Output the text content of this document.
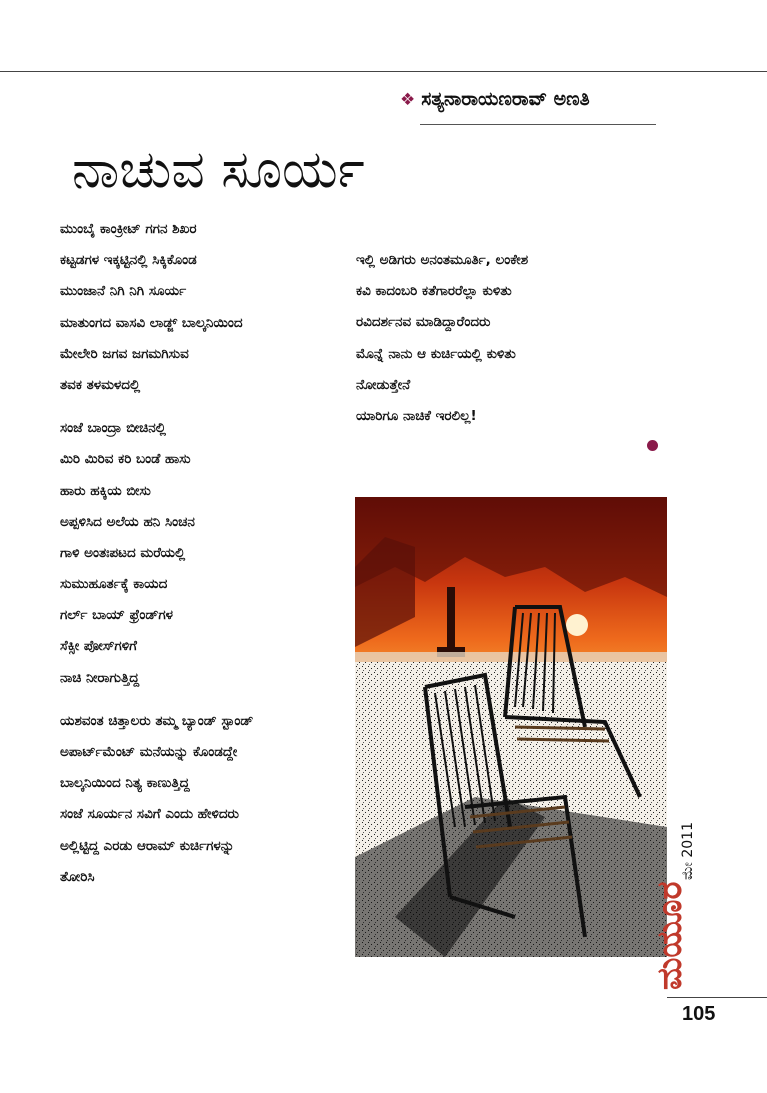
❖ ಸತ್ಯನಾರಾಯಣರಾವ್ ಅಣತಿ
ನಾಚುವ ಸೂರ್ಯ
ಮುಂಬೈ ಕಾಂಕ್ರೀಟ್ ಗಗನ ಶಿಖರ
ಕಟ್ಟಡಗಳ ಇಕ್ಕಟ್ಟಿನಲ್ಲಿ ಸಿಕ್ಕಿಕೊಂಡ
ಮುಂಜಾನೆ ನಿಗಿ ನಿಗಿ ಸೂರ್ಯ
ಮಾತುಂಗದ ವಾಸವಿ ಲಾಡ್ಜ್ ಬಾಲ್ಕನಿಯಿಂದ
ಮೇಲೇರಿ ಜಗವ ಜಗಮಗಿಸುವ
ತವಕ ತಳಮಳದಲ್ಲಿ
ಸಂಜೆ ಬಾಂದ್ರಾ ಬೀಚಿನಲ್ಲಿ
ಮಿರಿ ಮಿರಿವ ಕರಿ ಬಂಡೆ ಹಾಸು
ಹಾರು ಹಕ್ಕಿಯ ಬೀಸು
ಅಪ್ಪಳಿಸಿದ ಅಲೆಯ ಹನಿ ಸಿಂಚನ
ಗಾಳಿ ಅಂತಃಪಟದ ಮರೆಯಲ್ಲಿ
ಸುಮುಹೂರ್ತಕ್ಕೆ ಕಾಯದ
ಗರ್ಲ್ ಬಾಯ್ ಫ್ರೆಂಡ್‌ಗಳ
ಸೆಕ್ಸೀ ಪೋಸ್‌ಗಳಿಗೆ
ನಾಚಿ ನೀರಾಗುತ್ತಿದ್ದ
ಯಶವಂತ ಚಿತ್ತಾಲರು ತಮ್ಮ ಬ್ಯಾಂಡ್ ಸ್ಟಾಂಡ್
ಅಪಾರ್ಟ್‌ಮೆಂಟ್ ಮನೆಯನ್ನು ಕೊಂಡದ್ದೇ
ಬಾಲ್ಕನಿಯಿಂದ ನಿತ್ಯ ಕಾಣುತ್ತಿದ್ದ
ಸಂಜೆ ಸೂರ್ಯನ ಸವಿಗೆ ಎಂದು ಹೇಳಿದರು
ಅಲ್ಲಿಟ್ಟಿದ್ದ ಎರಡು ಆರಾಮ್ ಕುರ್ಚಿಗಳನ್ನು
ತೋರಿಸಿ
ಇಲ್ಲಿ ಅಡಿಗರು ಅನಂತಮೂರ್ತಿ, ಲಂಕೇಶ
ಕವಿ ಕಾದಂಬರಿ ಕತೆಗಾರರೆಲ್ಲಾ ಕುಳಿತು
ರವಿದರ್ಶನವ ಮಾಡಿದ್ದಾರೆಂದರು
ಮೊನ್ನೆ ನಾನು ಆ ಕುರ್ಚಿಯಲ್ಲಿ ಕುಳಿತು
ನೋಡುತ್ತೇನೆ
ಯಾರಿಗೂ ನಾಚಿಕೆ ಇರಲಿಲ್ಲ!
ಮೇ 2011
ಮಯೂರ
105
